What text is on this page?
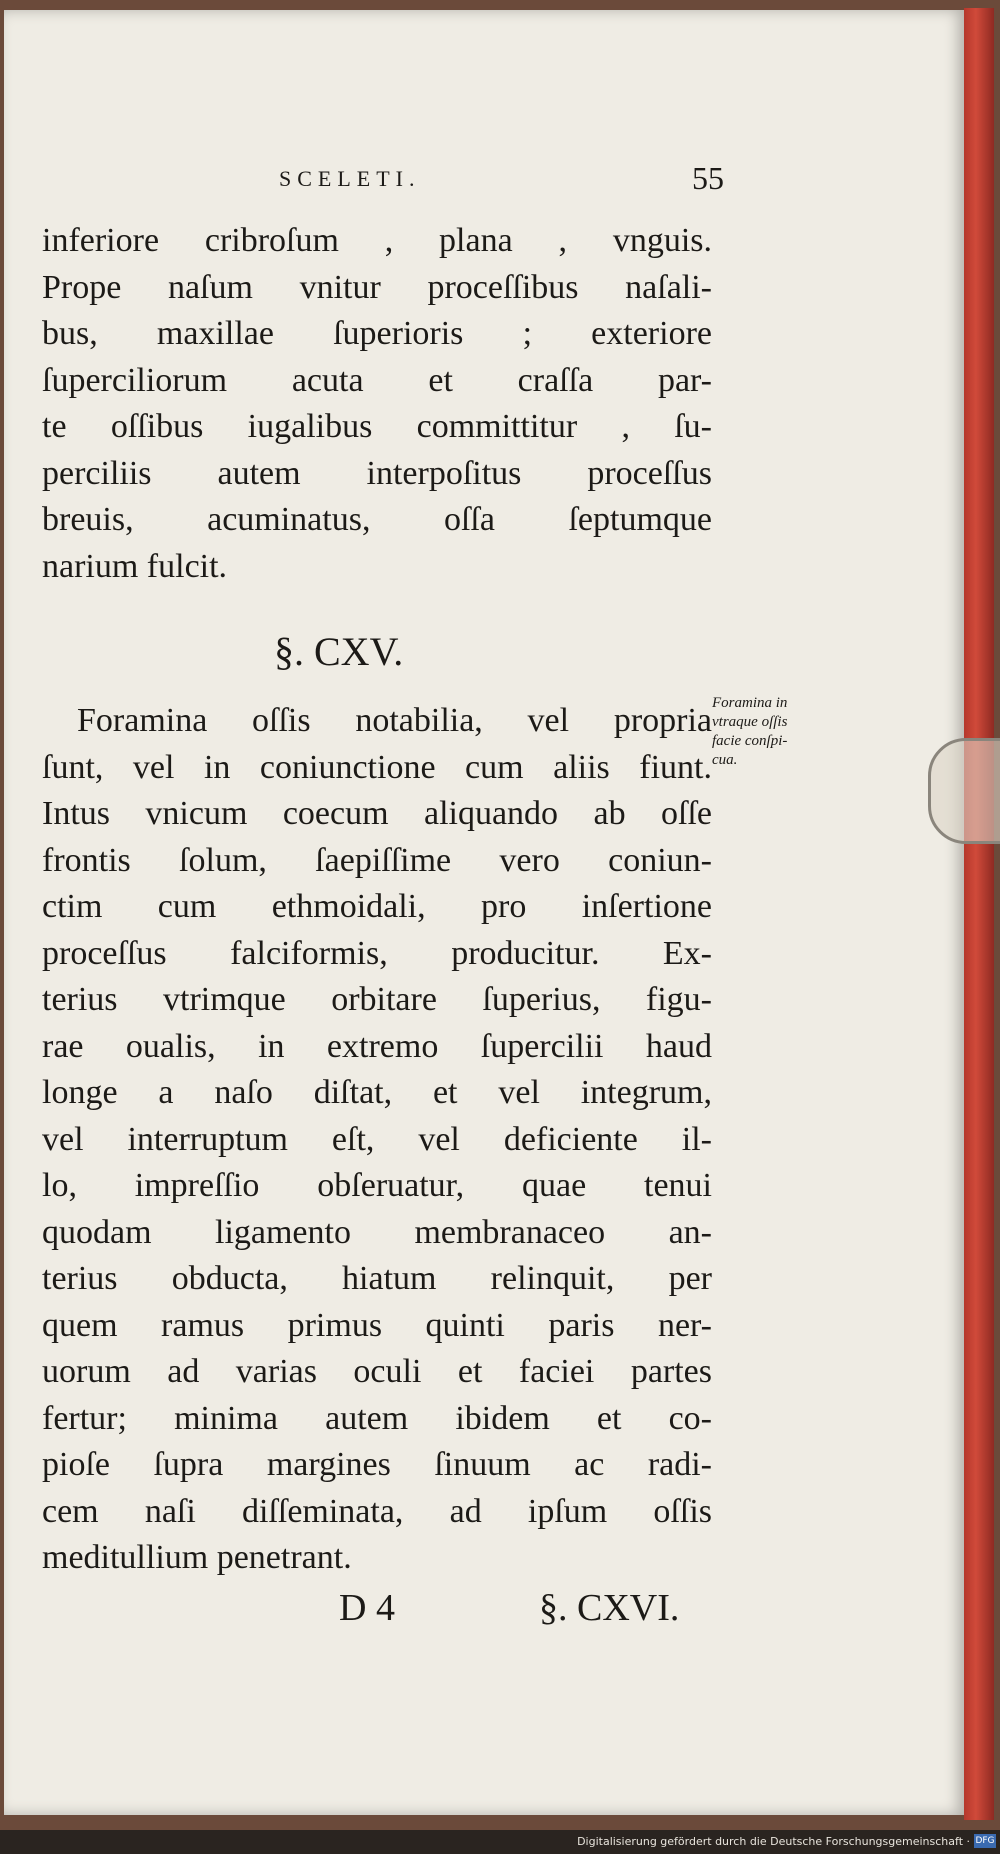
SCELETI.	55
inferiore cribroſum , plana , vnguis.
Prope naſum vnitur proceſſibus naſali-
bus, maxillae ſuperioris ; exteriore
ſuperciliorum acuta et craſſa par-
te oſſibus iugalibus committitur , ſu-
perciliis autem interpoſitus proceſſus
breuis, acuminatus, oſſa ſeptumque
narium fulcit.
§. CXV.
Foramina oſſis notabilia, vel propria
ſunt, vel in coniunctione cum aliis fiunt.
Intus vnicum coecum aliquando ab oſſe
frontis ſolum, ſaepiſſime vero coniun-
ctim cum ethmoidali, pro inſertione
proceſſus falciformis, producitur. Ex-
terius vtrimque orbitare ſuperius, figu-
rae oualis, in extremo ſupercilii haud
longe a naſo diſtat, et vel integrum,
vel interruptum eſt, vel deficiente il-
lo, impreſſio obſeruatur, quae tenui
quodam ligamento membranaceo an-
terius obducta, hiatum relinquit, per
quem ramus primus quinti paris ner-
uorum ad varias oculi et faciei partes
fertur; minima autem ibidem et co-
pioſe ſupra margines ſinuum ac radi-
cem naſi diſſeminata, ad ipſum oſſis
meditullium penetrant.
Foramina in
vtraque oſſis
facie conſpi-
cua.
D 4	§. CXVI.
Digitalisierung gefördert durch die Deutsche Forschungsgemeinschaft · DFG
